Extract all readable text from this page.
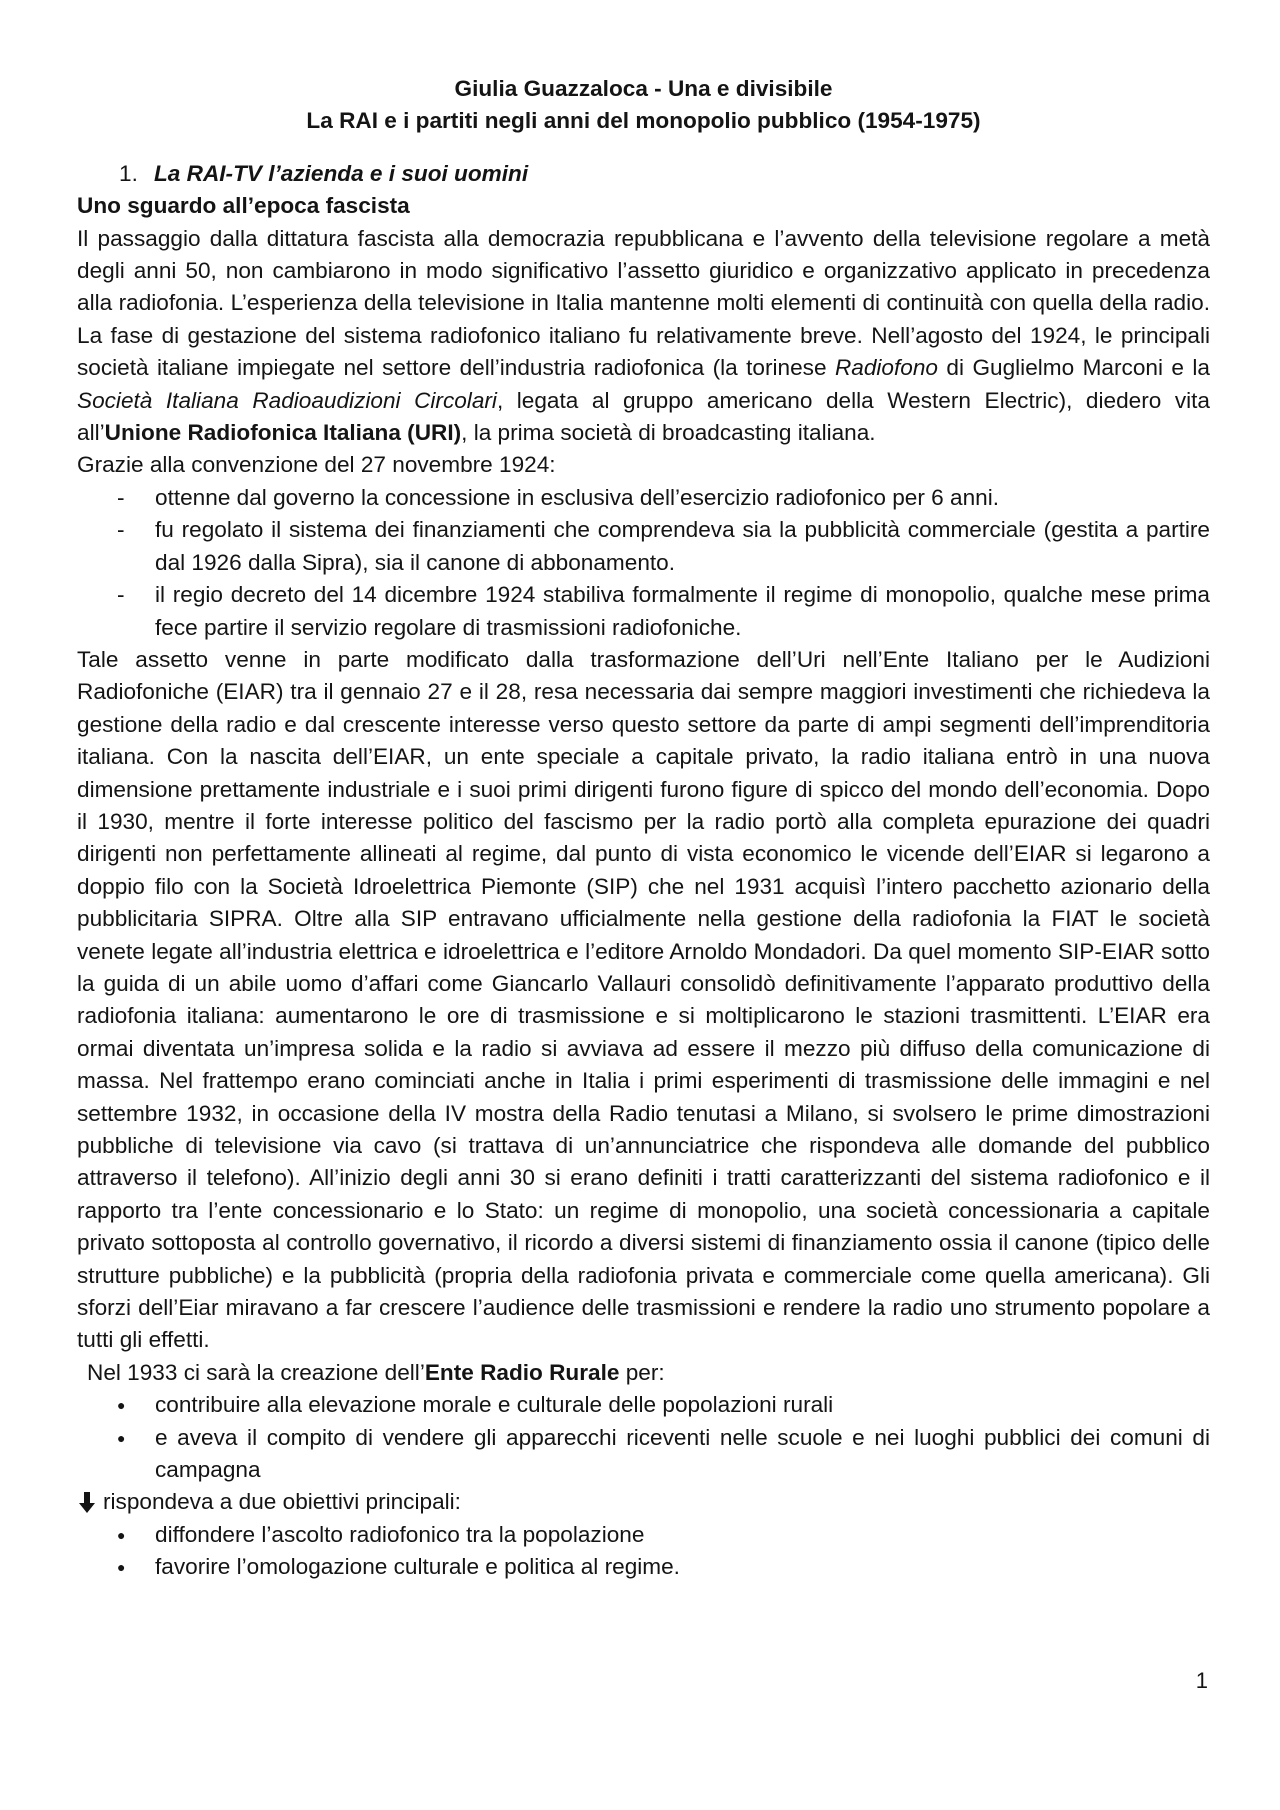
Giulia Guazzaloca - Una e divisibile
La RAI e i partiti negli anni del monopolio pubblico (1954-1975)
1. La RAI-TV l’azienda e i suoi uomini
Uno sguardo all’epoca fascista

Il passaggio dalla dittatura fascista alla democrazia repubblicana e l’avvento della televisione regolare a metà degli anni 50, non cambiarono in modo significativo l’assetto giuridico e organizzativo applicato in precedenza alla radiofonia. L’esperienza della televisione in Italia mantenne molti elementi di continuità con quella della radio. La fase di gestazione del sistema radiofonico italiano fu relativamente breve. Nell’agosto del 1924, le principali società italiane impiegate nel settore dell’industria radiofonica (la torinese Radiofono di Guglielmo Marconi e la Società Italiana Radioaudizioni Circolari, legata al gruppo americano della Western Electric), diedero vita all’Unione Radiofonica Italiana (URI), la prima società di broadcasting italiana.

Grazie alla convenzione del 27 novembre 1924:
- ottenne dal governo la concessione in esclusiva dell’esercizio radiofonico per 6 anni.
- fu regolato il sistema dei finanziamenti che comprendeva sia la pubblicità commerciale (gestita a partire dal 1926 dalla Sipra), sia il canone di abbonamento.
- il regio decreto del 14 dicembre 1924 stabiliva formalmente il regime di monopolio, qualche mese prima fece partire il servizio regolare di trasmissioni radiofoniche.

Tale assetto venne in parte modificato dalla trasformazione dell’Uri nell’Ente Italiano per le Audizioni Radiofoniche (EIAR) tra il gennaio 27 e il 28, resa necessaria dai sempre maggiori investimenti che richiedeva la gestione della radio e dal crescente interesse verso questo settore da parte di ampi segmenti dell’imprenditoria italiana. Con la nascita dell’EIAR, un ente speciale a capitale privato, la radio italiana entrò in una nuova dimensione prettamente industriale e i suoi primi dirigenti furono figure di spicco del mondo dell’economia. Dopo il 1930, mentre il forte interesse politico del fascismo per la radio portò alla completa epurazione dei quadri dirigenti non perfettamente allineati al regime, dal punto di vista economico le vicende dell’EIAR si legarono a doppio filo con la Società Idroelettrica Piemonte (SIP) che nel 1931 acquisì l’intero pacchetto azionario della pubblicitaria SIPRA. Oltre alla SIP entravano ufficialmente nella gestione della radiofonia la FIAT le società venete legate all’industria elettrica e idroelettrica e l’editore Arnoldo Mondadori. Da quel momento SIP-EIAR sotto la guida di un abile uomo d’affari come Giancarlo Vallauri consolidò definitivamente l’apparato produttivo della radiofonia italiana: aumentarono le ore di trasmissione e si moltiplicarono le stazioni trasmittenti. L’EIAR era ormai diventata un’impresa solida e la radio si avviava ad essere il mezzo più diffuso della comunicazione di massa. Nel frattempo erano cominciati anche in Italia i primi esperimenti di trasmissione delle immagini e nel settembre 1932, in occasione della IV mostra della Radio tenutasi a Milano, si svolsero le prime dimostrazioni pubbliche di televisione via cavo (si trattava di un’annunciatrice che rispondeva alle domande del pubblico attraverso il telefono). All’inizio degli anni 30 si erano definiti i tratti caratterizzanti del sistema radiofonico e il rapporto tra l’ente concessionario e lo Stato: un regime di monopolio, una società concessionaria a capitale privato sottoposta al controllo governativo, il ricordo a diversi sistemi di finanziamento ossia il canone (tipico delle strutture pubbliche) e la pubblicità (propria della radiofonia privata e commerciale come quella americana). Gli sforzi dell’Eiar miravano a far crescere l’audience delle trasmissioni e rendere la radio uno strumento popolare a tutti gli effetti.

Nel 1933 ci sarà la creazione dell’Ente Radio Rurale per:
● contribuire alla elevazione morale e culturale delle popolazioni rurali
● e aveva il compito di vendere gli apparecchi riceventi nelle scuole e nei luoghi pubblici dei comuni di campagna
rispondeva a due obiettivi principali:
● diffondere l’ascolto radiofonico tra la popolazione
● favorire l’omologazione culturale e politica al regime.
1
